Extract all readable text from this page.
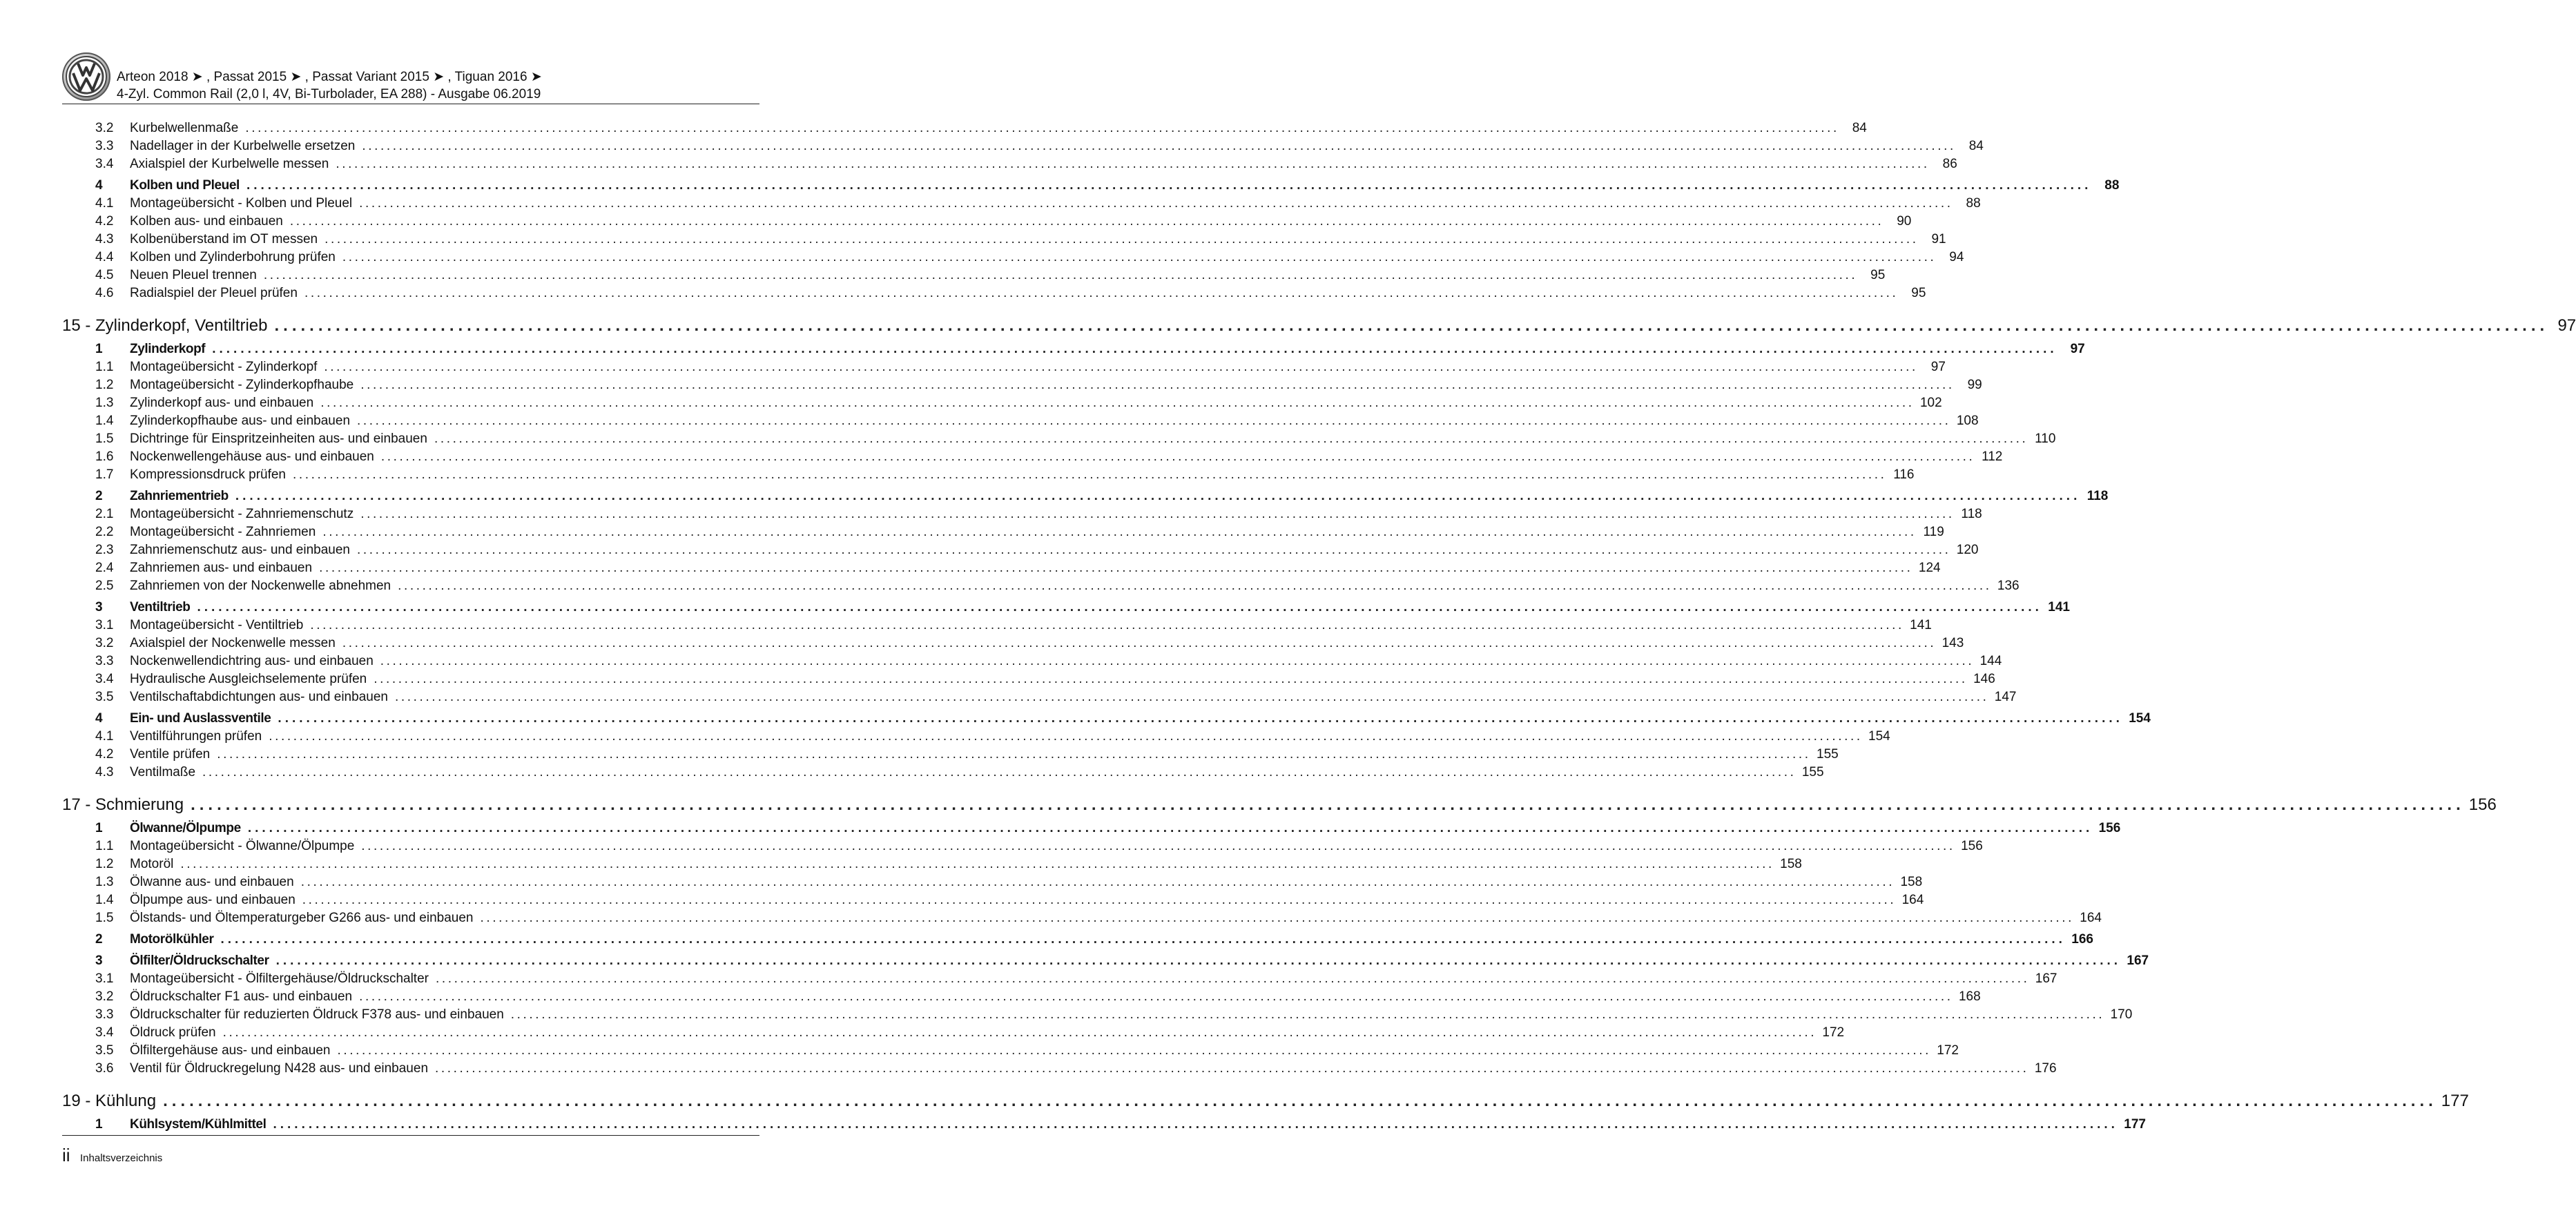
Arteon 2018 ➤ , Passat 2015 ➤ , Passat Variant 2015 ➤ , Tiguan 2016 ➤
4-Zyl. Common Rail (2,0 l, 4V, Bi-Turbolader, EA 288) - Ausgabe 06.2019
3.2	Kurbelwellenmaße .................................................................................................................................................................................................................................................................... 84
3.3	Nadellager in der Kurbelwelle ersetzen .................................................................................................................................................................................................................................................................... 84
3.4	Axialspiel der Kurbelwelle messen .................................................................................................................................................................................................................................................................... 86
4	Kolben und Pleuel .................................................................................................................................................................................................................................................................... 88
4.1	Montageübersicht - Kolben und Pleuel .................................................................................................................................................................................................................................................................... 88
4.2	Kolben aus- und einbauen .................................................................................................................................................................................................................................................................... 90
4.3	Kolbenüberstand im OT messen .................................................................................................................................................................................................................................................................... 91
4.4	Kolben und Zylinderbohrung prüfen .................................................................................................................................................................................................................................................................... 94
4.5	Neuen Pleuel trennen .................................................................................................................................................................................................................................................................... 95
4.6	Radialspiel der Pleuel prüfen .................................................................................................................................................................................................................................................................... 95
15 - Zylinderkopf, Ventiltrieb .................................................................................................................................................................................................................................................................... 97
1	Zylinderkopf .................................................................................................................................................................................................................................................................... 97
1.1	Montageübersicht - Zylinderkopf .................................................................................................................................................................................................................................................................... 97
1.2	Montageübersicht - Zylinderkopfhaube .................................................................................................................................................................................................................................................................... 99
1.3	Zylinderkopf aus- und einbauen .................................................................................................................................................................................................................................................................... 102
1.4	Zylinderkopfhaube aus- und einbauen .................................................................................................................................................................................................................................................................... 108
1.5	Dichtringe für Einspritzeinheiten aus- und einbauen .................................................................................................................................................................................................................................................................... 110
1.6	Nockenwellengehäuse aus- und einbauen .................................................................................................................................................................................................................................................................... 112
1.7	Kompressionsdruck prüfen .................................................................................................................................................................................................................................................................... 116
2	Zahnriementrieb .................................................................................................................................................................................................................................................................... 118
2.1	Montageübersicht - Zahnriemenschutz .................................................................................................................................................................................................................................................................... 118
2.2	Montageübersicht - Zahnriemen .................................................................................................................................................................................................................................................................... 119
2.3	Zahnriemenschutz aus- und einbauen .................................................................................................................................................................................................................................................................... 120
2.4	Zahnriemen aus- und einbauen .................................................................................................................................................................................................................................................................... 124
2.5	Zahnriemen von der Nockenwelle abnehmen .................................................................................................................................................................................................................................................................... 136
3	Ventiltrieb .................................................................................................................................................................................................................................................................... 141
3.1	Montageübersicht - Ventiltrieb .................................................................................................................................................................................................................................................................... 141
3.2	Axialspiel der Nockenwelle messen .................................................................................................................................................................................................................................................................... 143
3.3	Nockenwellendichtring aus- und einbauen .................................................................................................................................................................................................................................................................... 144
3.4	Hydraulische Ausgleichselemente prüfen .................................................................................................................................................................................................................................................................... 146
3.5	Ventilschaftabdichtungen aus- und einbauen .................................................................................................................................................................................................................................................................... 147
4	Ein- und Auslassventile .................................................................................................................................................................................................................................................................... 154
4.1	Ventilführungen prüfen .................................................................................................................................................................................................................................................................... 154
4.2	Ventile prüfen .................................................................................................................................................................................................................................................................... 155
4.3	Ventilmaße .................................................................................................................................................................................................................................................................... 155
17 - Schmierung .................................................................................................................................................................................................................................................................... 156
1	Ölwanne/Ölpumpe .................................................................................................................................................................................................................................................................... 156
1.1	Montageübersicht - Ölwanne/Ölpumpe .................................................................................................................................................................................................................................................................... 156
1.2	Motoröl .................................................................................................................................................................................................................................................................... 158
1.3	Ölwanne aus- und einbauen .................................................................................................................................................................................................................................................................... 158
1.4	Ölpumpe aus- und einbauen .................................................................................................................................................................................................................................................................... 164
1.5	Ölstands- und Öltemperaturgeber G266 aus- und einbauen .................................................................................................................................................................................................................................................................... 164
2	Motorölkühler .................................................................................................................................................................................................................................................................... 166
3	Ölfilter/Öldruckschalter .................................................................................................................................................................................................................................................................... 167
3.1	Montageübersicht - Ölfiltergehäuse/Öldruckschalter .................................................................................................................................................................................................................................................................... 167
3.2	Öldruckschalter F1 aus- und einbauen .................................................................................................................................................................................................................................................................... 168
3.3	Öldruckschalter für reduzierten Öldruck F378 aus- und einbauen .................................................................................................................................................................................................................................................................... 170
3.4	Öldruck prüfen .................................................................................................................................................................................................................................................................... 172
3.5	Ölfiltergehäuse aus- und einbauen .................................................................................................................................................................................................................................................................... 172
3.6	Ventil für Öldruckregelung N428 aus- und einbauen .................................................................................................................................................................................................................................................................... 176
19 - Kühlung .................................................................................................................................................................................................................................................................... 177
1	Kühlsystem/Kühlmittel .................................................................................................................................................................................................................................................................... 177
ii Inhaltsverzeichnis
